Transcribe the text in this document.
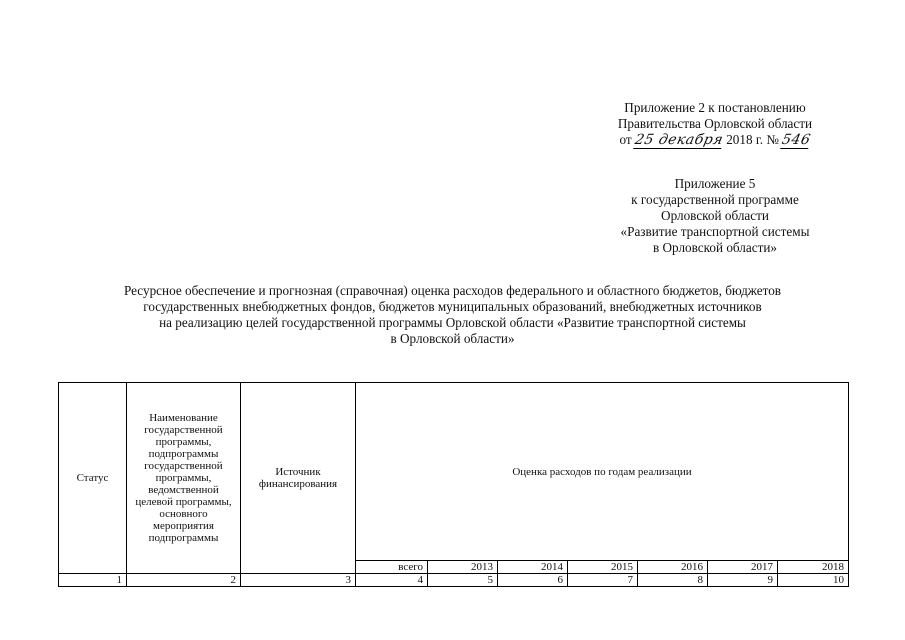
Приложение 2 к постановлению
Правительства Орловской области
от 25 декабря 2018 г. № 546
Приложение 5
к государственной программе
Орловской области
«Развитие транспортной системы
в Орловской области»
Ресурсное обеспечение и прогнозная (справочная) оценка расходов федерального и областного бюджетов, бюджетов
государственных внебюджетных фондов, бюджетов муниципальных образований, внебюджетных источников
на реализацию целей государственной программы Орловской области «Развитие транспортной системы
в Орловской области»
Статус	Наименование государственной программы, подпрограммы государственной программы, ведомственной целевой программы, основного мероприятия подпрограммы	Источник финансирования	Оценка расходов по годам реализации						
			всего	2013	2014	2015	2016	2017	2018
1	2	3	4	5	6	7	8	9	10
